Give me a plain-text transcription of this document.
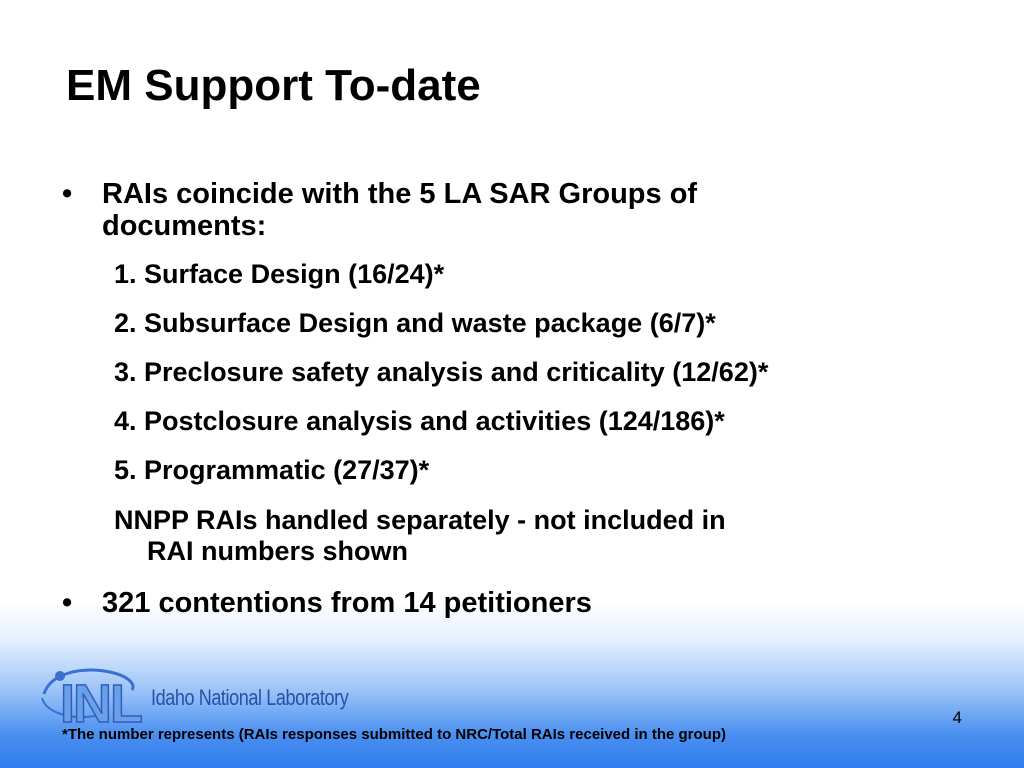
EM Support To-date
• RAIs coincide with the 5 LA SAR Groups of
documents:
1. Surface Design (16/24)*
2. Subsurface Design and waste package (6/7)*
3. Preclosure safety analysis and criticality (12/62)*
4. Postclosure analysis and activities (124/186)*
5. Programmatic (27/37)*
NNPP RAIs handled separately - not included in
RAI numbers shown
• 321 contentions from 14 petitioners
INL Idaho National Laboratory
4
*The number represents (RAIs responses submitted to NRC/Total RAIs received in the group)
